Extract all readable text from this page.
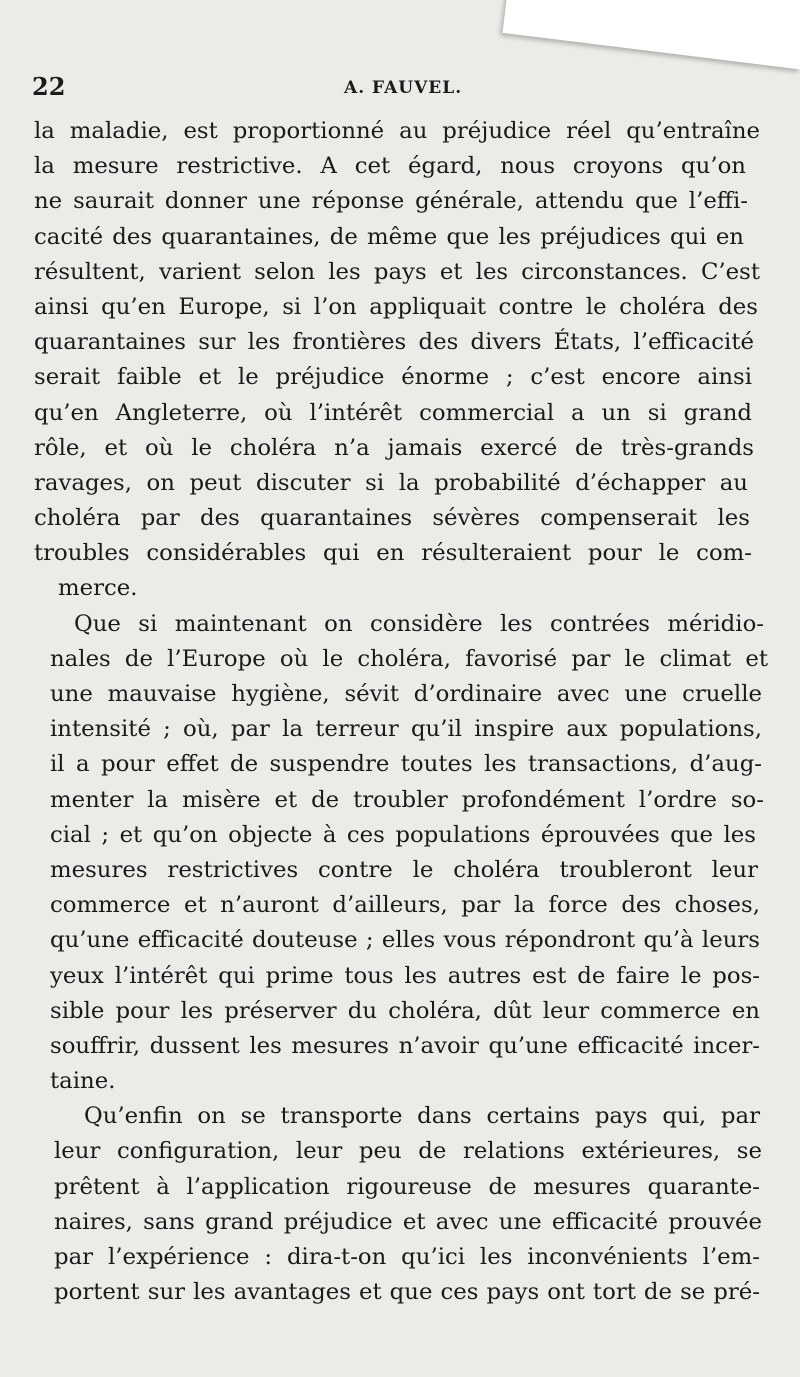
22	A. FAUVEL.
la maladie, est proportionné au préjudice réel qu’entraîne
la mesure restrictive. A cet égard, nous croyons qu’on
ne saurait donner une réponse générale, attendu que l’effi-
cacité des quarantaines, de même que les préjudices qui en
résultent, varient selon les pays et les circonstances. C’est
ainsi qu’en Europe, si l’on appliquait contre le choléra des
quarantaines sur les frontières des divers États, l’efficacité
serait faible et le préjudice énorme ; c’est encore ainsi
qu’en Angleterre, où l’intérêt commercial a un si grand
rôle, et où le choléra n’a jamais exercé de très-grands
ravages, on peut discuter si la probabilité d’échapper au
choléra par des quarantaines sévères compenserait les
troubles considérables qui en résulteraient pour le com-
merce.
Que si maintenant on considère les contrées méridio-
nales de l’Europe où le choléra, favorisé par le climat et
une mauvaise hygiène, sévit d’ordinaire avec une cruelle
intensité ; où, par la terreur qu’il inspire aux populations,
il a pour effet de suspendre toutes les transactions, d’aug-
menter la misère et de troubler profondément l’ordre so-
cial ; et qu’on objecte à ces populations éprouvées que les
mesures restrictives contre le choléra troubleront leur
commerce et n’auront d’ailleurs, par la force des choses,
qu’une efficacité douteuse ; elles vous répondront qu’à leurs
yeux l’intérêt qui prime tous les autres est de faire le pos-
sible pour les préserver du choléra, dût leur commerce en
souffrir, dussent les mesures n’avoir qu’une efficacité incer-
taine.
Qu’enfin on se transporte dans certains pays qui, par
leur configuration, leur peu de relations extérieures, se
prêtent à l’application rigoureuse de mesures quarante-
naires, sans grand préjudice et avec une efficacité prouvée
par l’expérience : dira-t-on qu’ici les inconvénients l’em-
portent sur les avantages et que ces pays ont tort de se pré-
